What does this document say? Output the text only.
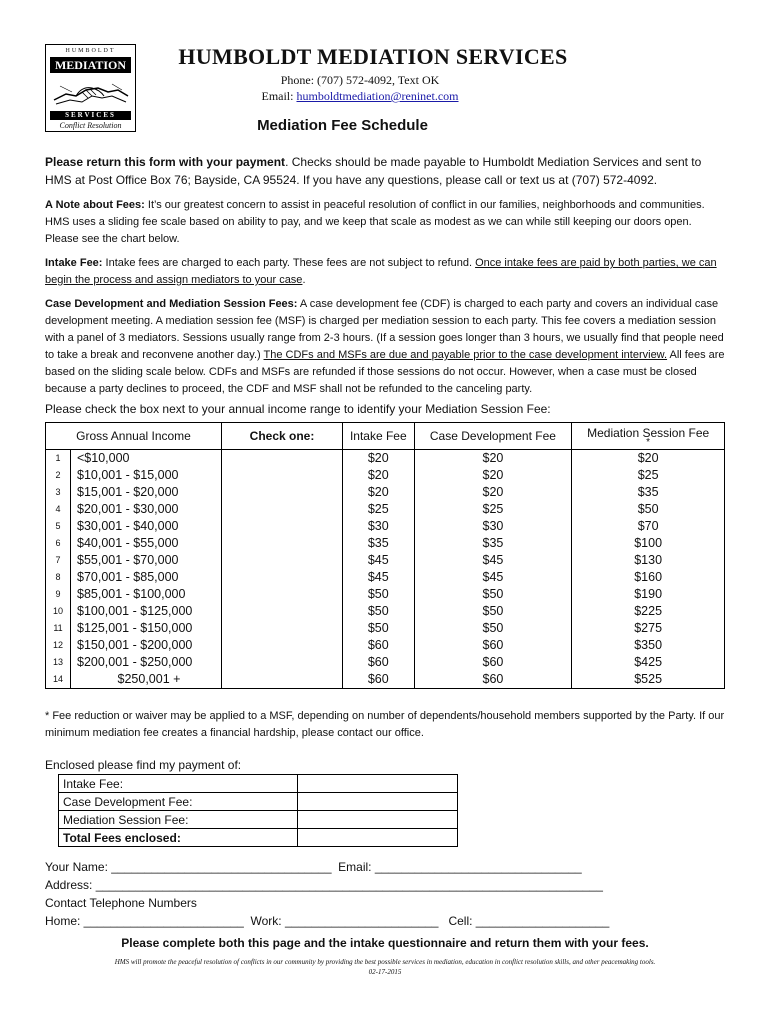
HUMBOLDT
MEDIATION
SERVICES
Conflict Resolution
HUMBOLDT MEDIATION SERVICES
Phone: (707) 572-4092, Text OK
Email: humboldtmediation@reninet.com
Mediation Fee Schedule
Please return this form with your payment. Checks should be made payable to Humboldt Mediation Services and sent to HMS at Post Office Box 76; Bayside, CA 95524. If you have any questions, please call or text us at (707) 572-4092.
A Note about Fees: It’s our greatest concern to assist in peaceful resolution of conflict in our families, neighborhoods and communities. HMS uses a sliding fee scale based on ability to pay, and we keep that scale as modest as we can while still keeping our doors open. Please see the chart below.
Intake Fee: Intake fees are charged to each party. These fees are not subject to refund. Once intake fees are paid by both parties, we can begin the process and assign mediators to your case.
Case Development and Mediation Session Fees: A case development fee (CDF) is charged to each party and covers an individual case development meeting. A mediation session fee (MSF) is charged per mediation session to each party. This fee covers a mediation session with a panel of 3 mediators. Sessions usually range from 2-3 hours. (If a session goes longer than 3 hours, we usually find that people need to take a break and reconvene another day.) The CDFs and MSFs are due and payable prior to the case development interview. All fees are based on the sliding scale below. CDFs and MSFs are refunded if those sessions do not occur. However, when a case must be closed because a party declines to proceed, the CDF and MSF shall not be refunded to the canceling party.
Please check the box next to your annual income range to identify your Mediation Session Fee:
Gross Annual Income		Check one:	Intake Fee	Case Development Fee	Mediation Session Fee
*

1	<$10,000		$20	$20	$20
2	$10,001 - $15,000		$20	$20	$25
3	$15,001 - $20,000		$20	$20	$35
4	$20,001 - $30,000		$25	$25	$50
5	$30,001 - $40,000		$30	$30	$70
6	$40,001 - $55,000		$35	$35	$100
7	$55,001 - $70,000		$45	$45	$130
8	$70,001 - $85,000		$45	$45	$160
9	$85,001 - $100,000		$50	$50	$190
10	$100,001 - $125,000		$50	$50	$225
11	$125,001 - $150,000		$50	$50	$275
12	$150,001 - $200,000		$60	$60	$350
13	$200,001 - $250,000		$60	$60	$425
14	$250,001 +		$60	$60	$525
* Fee reduction or waiver may be applied to a MSF, depending on number of dependents/household members supported by the Party. If our minimum mediation fee creates a financial hardship, please contact our office.
Enclosed please find my payment of:
Intake Fee:	
Case Development Fee:	
Mediation Session Fee:	
Total Fees enclosed:	
Your Name: _________________________________  Email: _______________________________
Address: ____________________________________________________________________________
Contact Telephone Numbers
Home: ________________________  Work: _______________________   Cell: ____________________
Please complete both this page and the intake questionnaire and return them with your fees.
HMS will promote the peaceful resolution of conflicts in our community by providing the best possible services in mediation, education in conflict resolution skills, and other peacemaking tools.
02-17-2015
